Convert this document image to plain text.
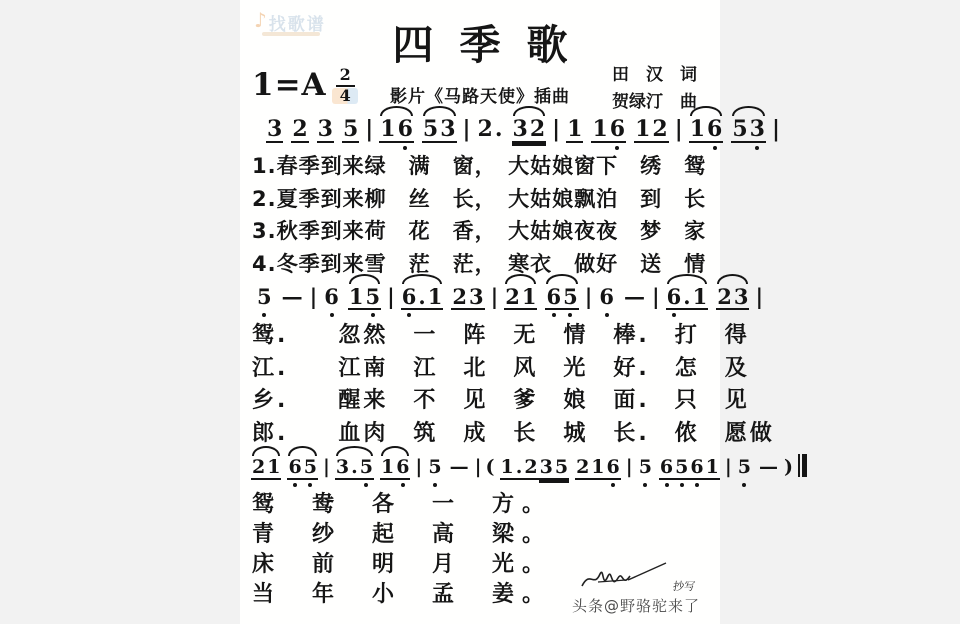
♪ 找歌谱	四季歌
$1=A \frac{2}{4}$	影片《马路天使》插曲
田　汉　词
贺绿汀　曲
3 2 3 5 | 1 6 5 3 | 2 . 3 2 | 1 1 6 1 2 | 1 6 5 3 |
1.春季到来绿　满　窗，　大姑娘窗下　绣　鸳
2.夏季到来柳　丝　长，　大姑娘飘泊　到　长
3.秋季到来荷　花　香，　大姑娘夜夜　梦　家
4.冬季到来雪　茫　茫，　寒衣　做好　送　情
5 — | 6 1 5 | 6 . 1 2 3 | 2 1 6 5 | 6 — | 6 . 1 2 3 |
鸳.　　忽然　一　阵　无　情　棒.　打　得
江.　　江南　江　北　风　光　好.　怎　及
乡.　　醒来　不　见　爹　娘　面.　只　见
郎.　　血肉　筑　成　长　城　长.　侬　愿做
2 1 6 5 | 3 . 5 1 6 | 5 — | ( 1 . 2 3 5 2 1 6 | 5 6 5 6 1 | 5 — )
鸳　鸯　各　一　方。
青　纱　起　高　梁。
床　前　明　月　光。
当　年　小　孟　姜。	抄写
头条@野骆驼来了
